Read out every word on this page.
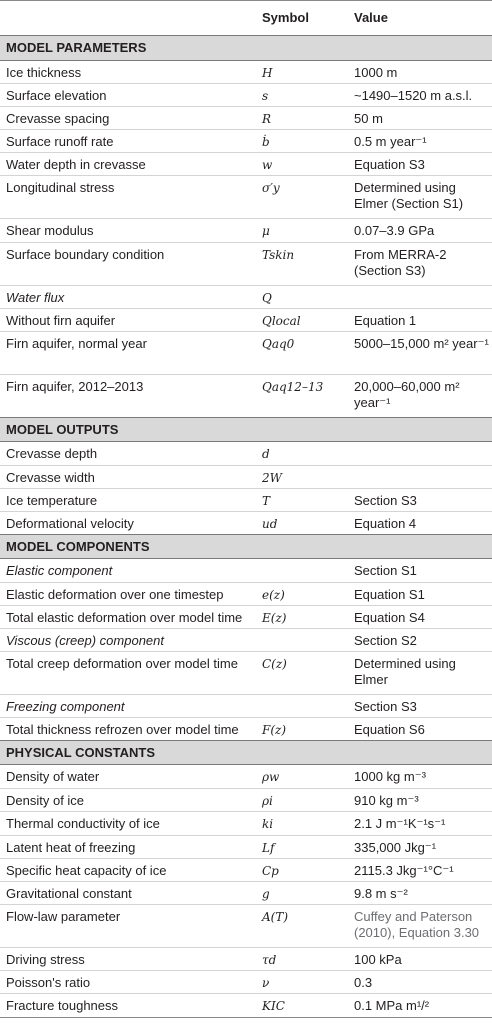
	Symbol	Value
MODEL PARAMETERS		
Ice thickness	H	1000 m
Surface elevation	s	~1490–1520 m a.s.l.
Crevasse spacing	R	50 m
Surface runoff rate	ḃ	0.5 m year⁻¹
Water depth in crevasse	w	Equation S3
Longitudinal stress	σ′y	Determined using Elmer (Section S1)
Shear modulus	μ	0.07–3.9 GPa
Surface boundary condition	Tskin	From MERRA-2 (Section S3)
Water flux	Q	
Without firn aquifer	Qlocal	Equation 1
Firn aquifer, normal year	Qaq0	5000–15,000 m² year⁻¹
Firn aquifer, 2012–2013	Qaq12–13	20,000–60,000 m² year⁻¹
MODEL OUTPUTS		
Crevasse depth	d	
Crevasse width	2W	
Ice temperature	T	Section S3
Deformational velocity	ud	Equation 4
MODEL COMPONENTS		
Elastic component		Section S1
Elastic deformation over one timestep	e(z)	Equation S1
Total elastic deformation over model time	E(z)	Equation S4
Viscous (creep) component		Section S2
Total creep deformation over model time	C(z)	Determined using Elmer
Freezing component		Section S3
Total thickness refrozen over model time	F(z)	Equation S6
PHYSICAL CONSTANTS		
Density of water	ρw	1000 kg m⁻³
Density of ice	ρi	910 kg m⁻³
Thermal conductivity of ice	ki	2.1 J m⁻¹K⁻¹s⁻¹
Latent heat of freezing	Lf	335,000 Jkg⁻¹
Specific heat capacity of ice	Cp	2115.3 Jkg⁻¹°C⁻¹
Gravitational constant	g	9.8 m s⁻²
Flow-law parameter	A(T)	Cuffey and Paterson (2010), Equation 3.30
Driving stress	τd	100 kPa
Poisson's ratio	ν	0.3
Fracture toughness	KIC	0.1 MPa m¹/²
